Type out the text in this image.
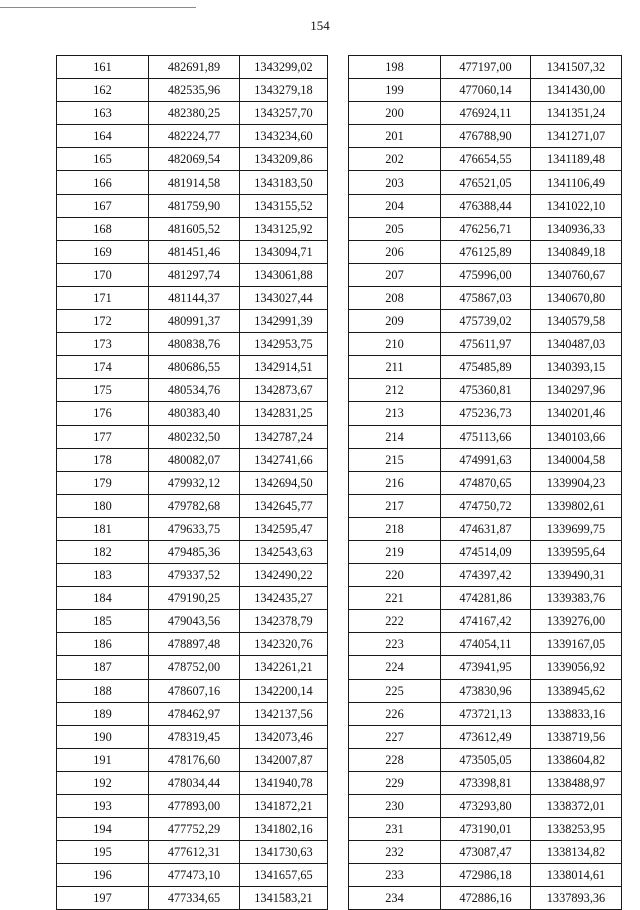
154
161	482691,89	1343299,02
162	482535,96	1343279,18
163	482380,25	1343257,70
164	482224,77	1343234,60
165	482069,54	1343209,86
166	481914,58	1343183,50
167	481759,90	1343155,52
168	481605,52	1343125,92
169	481451,46	1343094,71
170	481297,74	1343061,88
171	481144,37	1343027,44
172	480991,37	1342991,39
173	480838,76	1342953,75
174	480686,55	1342914,51
175	480534,76	1342873,67
176	480383,40	1342831,25
177	480232,50	1342787,24
178	480082,07	1342741,66
179	479932,12	1342694,50
180	479782,68	1342645,77
181	479633,75	1342595,47
182	479485,36	1342543,63
183	479337,52	1342490,22
184	479190,25	1342435,27
185	479043,56	1342378,79
186	478897,48	1342320,76
187	478752,00	1342261,21
188	478607,16	1342200,14
189	478462,97	1342137,56
190	478319,45	1342073,46
191	478176,60	1342007,87
192	478034,44	1341940,78
193	477893,00	1341872,21
194	477752,29	1341802,16
195	477612,31	1341730,63
196	477473,10	1341657,65
197	477334,65	1341583,21
198	477197,00	1341507,32
199	477060,14	1341430,00
200	476924,11	1341351,24
201	476788,90	1341271,07
202	476654,55	1341189,48
203	476521,05	1341106,49
204	476388,44	1341022,10
205	476256,71	1340936,33
206	476125,89	1340849,18
207	475996,00	1340760,67
208	475867,03	1340670,80
209	475739,02	1340579,58
210	475611,97	1340487,03
211	475485,89	1340393,15
212	475360,81	1340297,96
213	475236,73	1340201,46
214	475113,66	1340103,66
215	474991,63	1340004,58
216	474870,65	1339904,23
217	474750,72	1339802,61
218	474631,87	1339699,75
219	474514,09	1339595,64
220	474397,42	1339490,31
221	474281,86	1339383,76
222	474167,42	1339276,00
223	474054,11	1339167,05
224	473941,95	1339056,92
225	473830,96	1338945,62
226	473721,13	1338833,16
227	473612,49	1338719,56
228	473505,05	1338604,82
229	473398,81	1338488,97
230	473293,80	1338372,01
231	473190,01	1338253,95
232	473087,47	1338134,82
233	472986,18	1338014,61
234	472886,16	1337893,36
